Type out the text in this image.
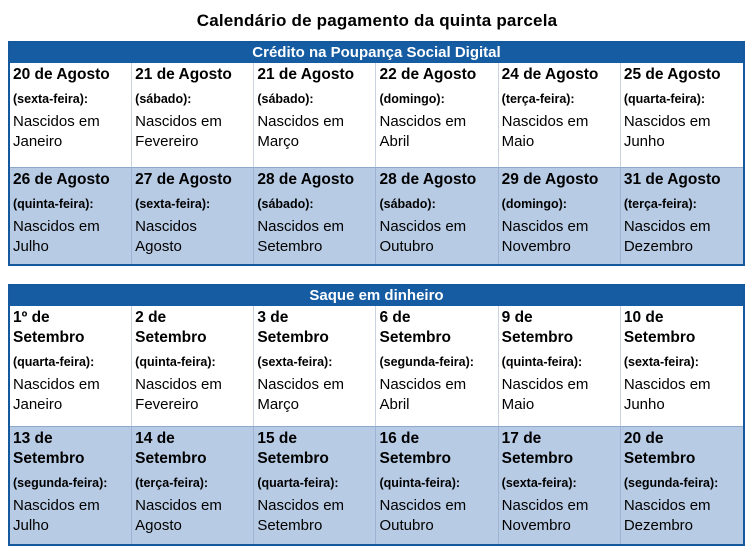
Calendário de pagamento da quinta parcela
Crédito na Poupança Social Digital
20 de Agosto
(sexta-feira):
Nascidos em Janeiro
21 de Agosto
(sábado):
Nascidos em Fevereiro
21 de Agosto
(sábado):
Nascidos em Março
22 de Agosto
(domingo):
Nascidos em Abril
24 de Agosto
(terça-feira):
Nascidos em Maio
25 de Agosto
(quarta-feira):
Nascidos em Junho
26 de Agosto
(quinta-feira):
Nascidos em Julho
27 de Agosto
(sexta-feira):
Nascidos Agosto
28 de Agosto
(sábado):
Nascidos em Setembro
28 de Agosto
(sábado):
Nascidos em Outubro
29 de Agosto
(domingo):
Nascidos em Novembro
31 de Agosto
(terça-feira):
Nascidos em Dezembro
Saque em dinheiro
1º de Setembro
(quarta-feira):
Nascidos em Janeiro
2 de Setembro
(quinta-feira):
Nascidos em Fevereiro
3 de Setembro
(sexta-feira):
Nascidos em Março
6 de Setembro
(segunda-feira):
Nascidos em Abril
9 de Setembro
(quinta-feira):
Nascidos em Maio
10 de Setembro
(sexta-feira):
Nascidos em Junho
13 de Setembro
(segunda-feira):
Nascidos em Julho
14 de Setembro
(terça-feira):
Nascidos em Agosto
15 de Setembro
(quarta-feira):
Nascidos em Setembro
16 de Setembro
(quinta-feira):
Nascidos em Outubro
17 de Setembro
(sexta-feira):
Nascidos em Novembro
20 de Setembro
(segunda-feira):
Nascidos em Dezembro
